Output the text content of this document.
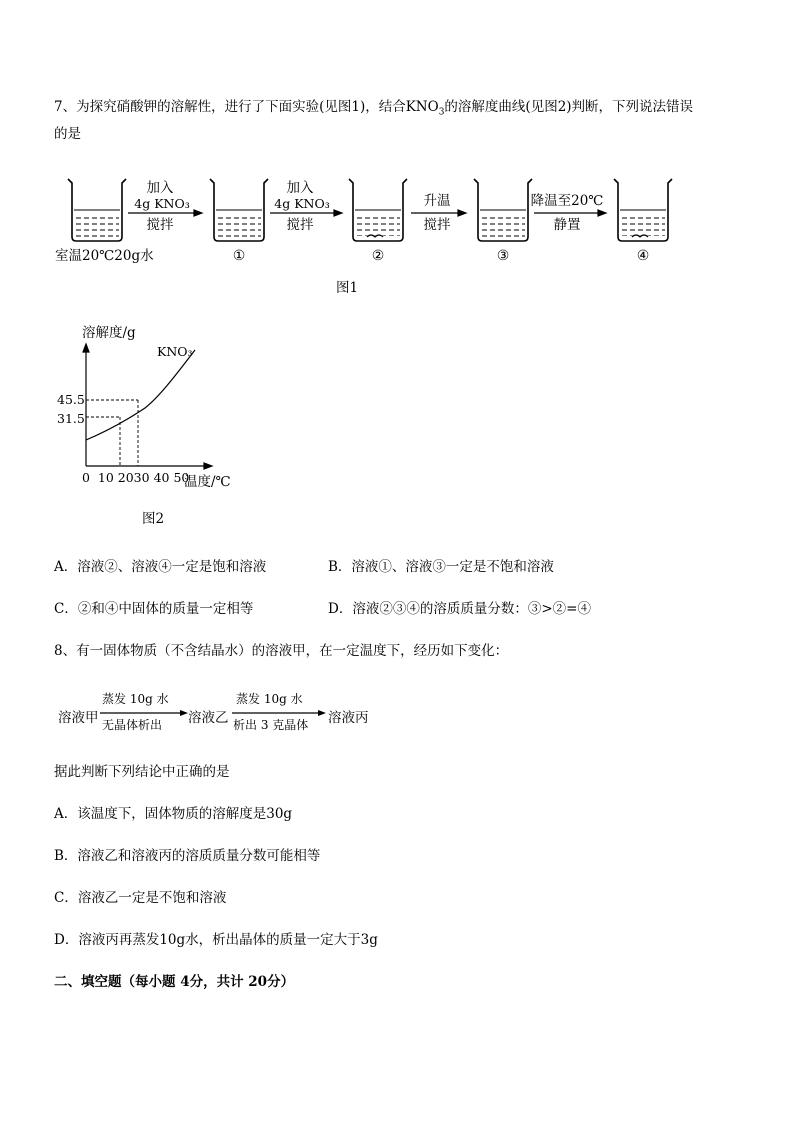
7、为探究硝酸钾的溶解性，进行了下面实验(见图1)，结合$KNO_3$的溶解度曲线(见图2)判断，下列说法错误
的是
加入
4g KNO₃
搅拌
加入
4g KNO₃
搅拌
升温
搅拌
降温至20℃
静置
①	②	③	④
图1
室温20℃20g水
溶解度/g
45.5
31.5
KNO₃
0  10 2030 40 50
温度/℃
图2
A．溶液②、溶液④一定是饱和溶液	B．溶液①、溶液③一定是不饱和溶液
C．②和④中固体的质量一定相等	D．溶液②③④的溶质质量分数：③>②=④
8、有一固体物质（不含结晶水）的溶液甲，在一定温度下，经历如下变化：
溶液甲
蒸发 10g 水
无晶体析出 溶液乙
蒸发 10g 水
析出 3 克晶体 溶液丙
据此判断下列结论中正确的是
A．该温度下，固体物质的溶解度是30g
B．溶液乙和溶液丙的溶质质量分数可能相等
C．溶液乙一定是不饱和溶液
D．溶液丙再蒸发10g水，析出晶体的质量一定大于3g
二、填空题（每小题 4分，共计 20分）
